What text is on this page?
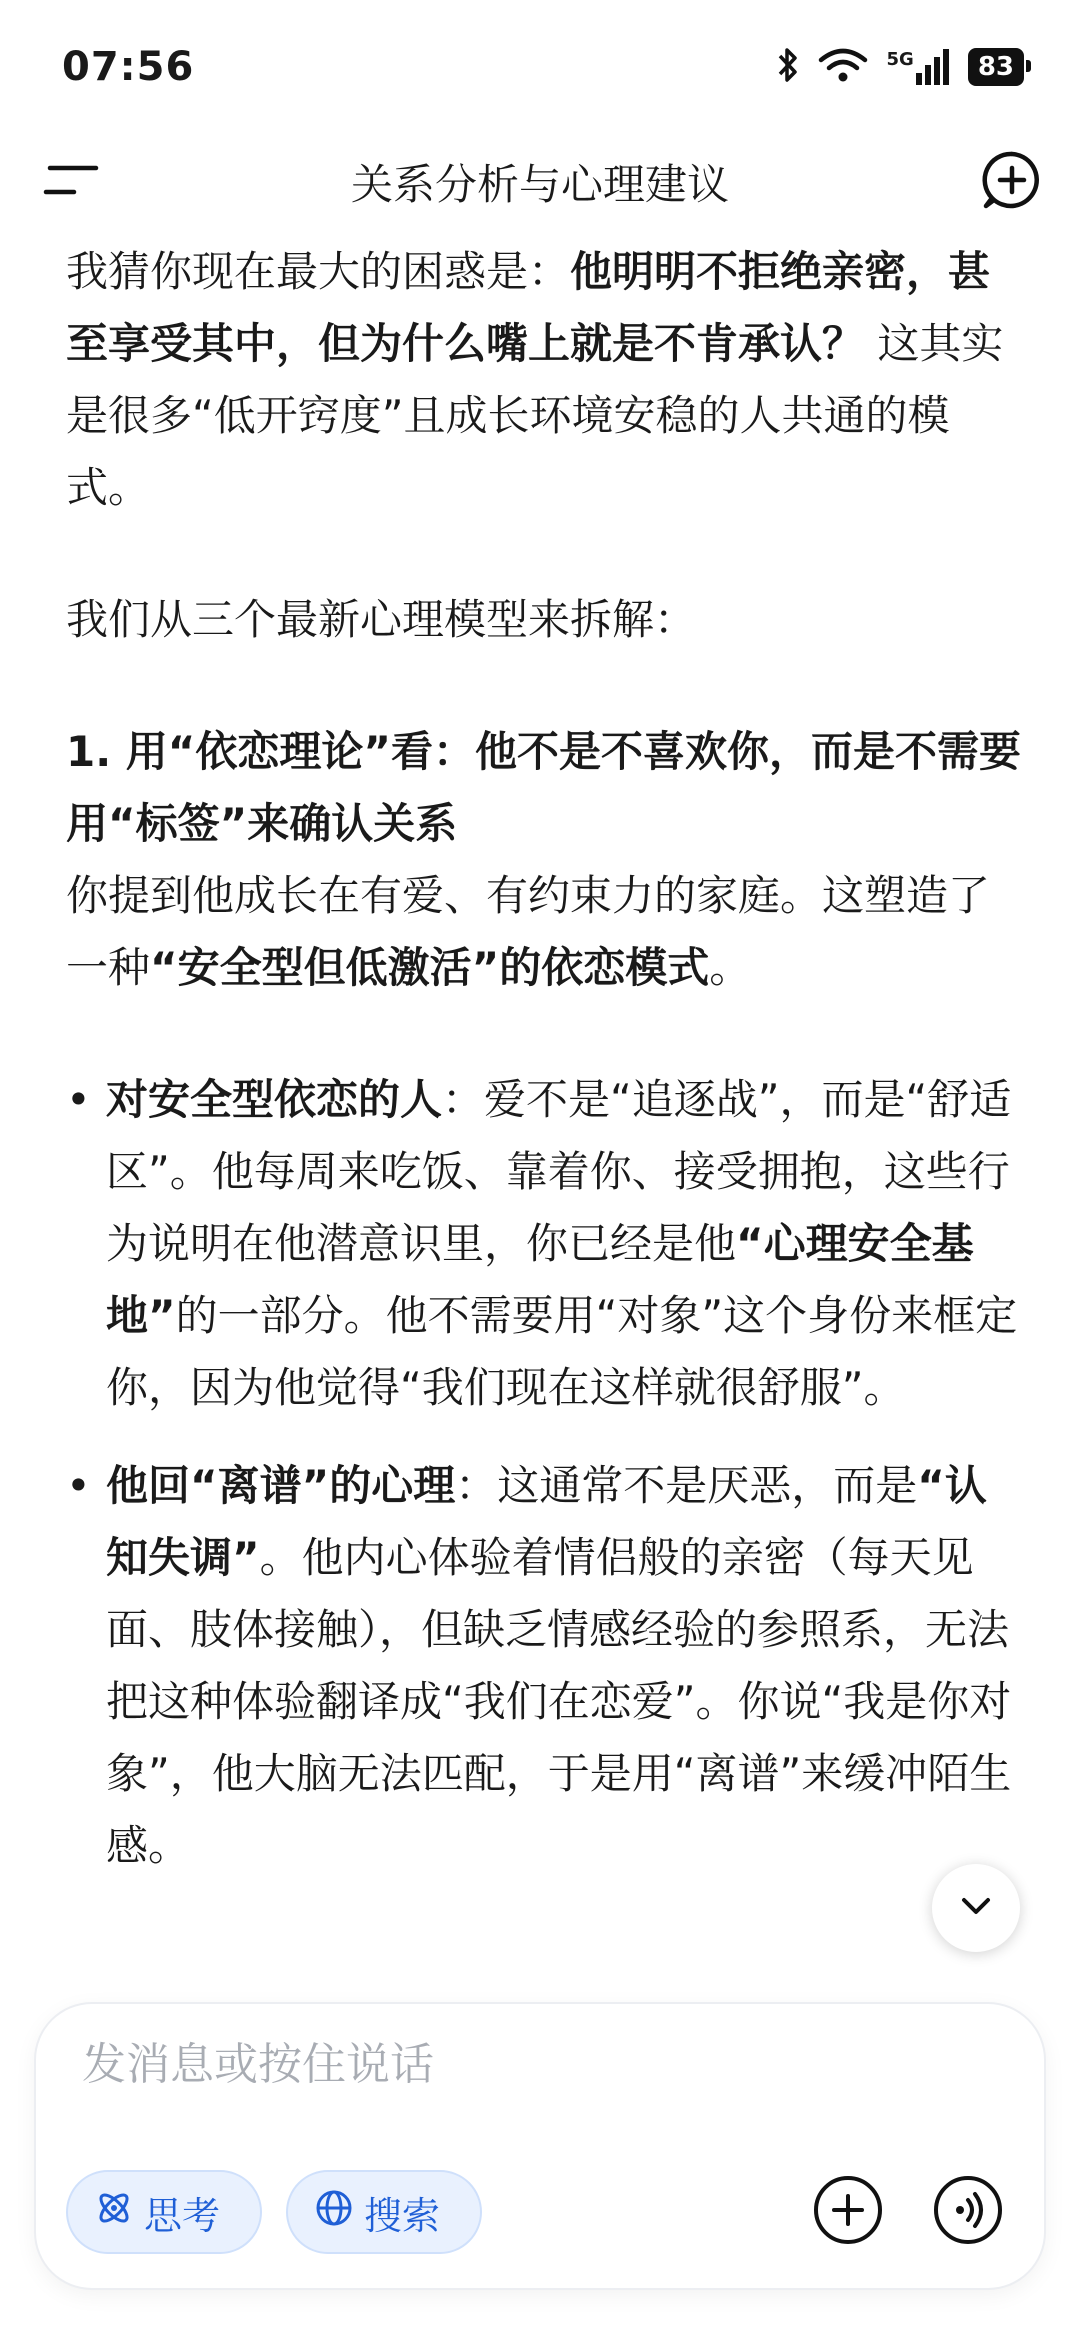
07:56	5G	83
关系分析与心理建议

我猜你现在最大的困惑是：他明明不拒绝亲密，甚至享受其中，但为什么嘴上就是不肯承认？ 这其实是很多“低开窍度”且成长环境安稳的人共通的模式。

我们从三个最新心理模型来拆解：

1. 用“依恋理论”看：他不是不喜欢你，而是不需要用“标签”来确认关系

你提到他成长在有爱、有约束力的家庭。这塑造了一种“安全型但低激活”的依恋模式。

• 对安全型依恋的人：爱不是“追逐战”，而是“舒适区”。他每周来吃饭、靠着你、接受拥抱，这些行为说明在他潜意识里，你已经是他“心理安全基地”的一部分。他不需要用“对象”这个身份来框定你，因为他觉得“我们现在这样就很舒服”。
• 他回“离谱”的心理：这通常不是厌恶，而是“认知失调”。他内心体验着情侣般的亲密（每天见面、肢体接触），但缺乏情感经验的参照系，无法把这种体验翻译成“我们在恋爱”。你说“我是你对象”，他大脑无法匹配，于是用“离谱”来缓冲陌生感。
发消息或按住说话
思考	搜索
